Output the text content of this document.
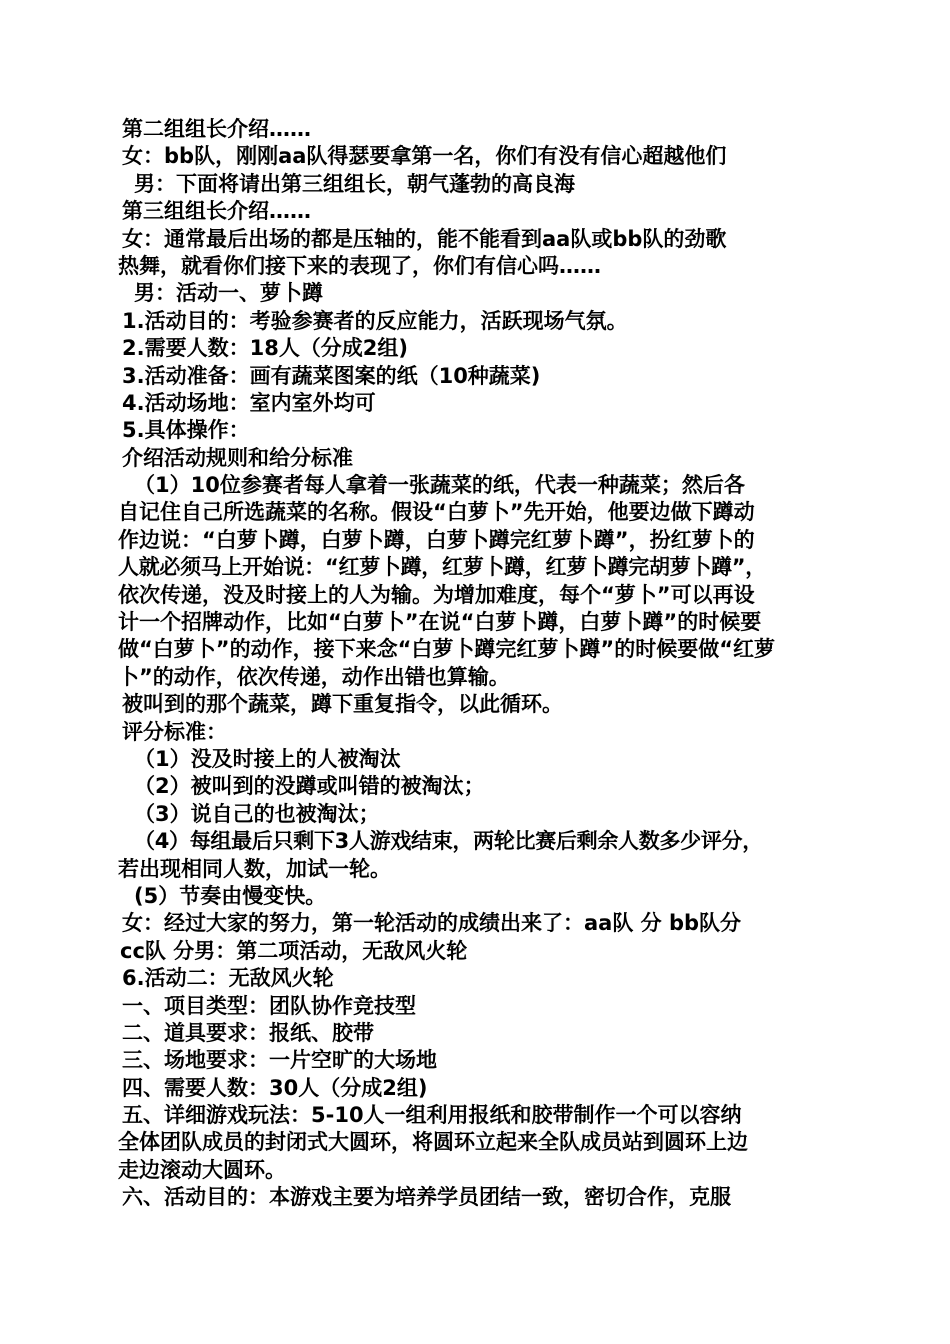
第二组组长介绍……
女：bb队，刚刚aa队得瑟要拿第一名，你们有没有信心超越他们
男：下面将请出第三组组长，朝气蓬勃的高良海
第三组组长介绍……
女：通常最后出场的都是压轴的，能不能看到aa队或bb队的劲歌
热舞，就看你们接下来的表现了，你们有信心吗……
男：活动一、萝卜蹲
1.活动目的：考验参赛者的反应能力，活跃现场气氛。
2.需要人数：18人（分成2组)
3.活动准备：画有蔬菜图案的纸（10种蔬菜)
4.活动场地：室内室外均可
5.具体操作：
介绍活动规则和给分标准
（1）10位参赛者每人拿着一张蔬菜的纸，代表一种蔬菜；然后各
自记住自己所选蔬菜的名称。假设“白萝卜”先开始，他要边做下蹲动
作边说：“白萝卜蹲，白萝卜蹲，白萝卜蹲完红萝卜蹲”，扮红萝卜的
人就必须马上开始说：“红萝卜蹲，红萝卜蹲，红萝卜蹲完胡萝卜蹲”，
依次传递，没及时接上的人为输。为增加难度，每个“萝卜”可以再设
计一个招牌动作，比如“白萝卜”在说“白萝卜蹲，白萝卜蹲”的时候要
做“白萝卜”的动作，接下来念“白萝卜蹲完红萝卜蹲”的时候要做“红萝
卜”的动作，依次传递，动作出错也算输。
被叫到的那个蔬菜，蹲下重复指令，以此循环。
评分标准：
（1）没及时接上的人被淘汰
（2）被叫到的没蹲或叫错的被淘汰；
（3）说自己的也被淘汰；
（4）每组最后只剩下3人游戏结束，两轮比赛后剩余人数多少评分，
若出现相同人数，加试一轮。
(5）节奏由慢变快。
女：经过大家的努力，第一轮活动的成绩出来了：aa队 分 bb队分
cc队 分男：第二项活动，无敌风火轮
6.活动二：无敌风火轮
一、项目类型：团队协作竞技型
二、道具要求：报纸、胶带
三、场地要求：一片空旷的大场地
四、需要人数：30人（分成2组)
五、详细游戏玩法：5-10人一组利用报纸和胶带制作一个可以容纳
全体团队成员的封闭式大圆环，将圆环立起来全队成员站到圆环上边
走边滚动大圆环。
六、活动目的：本游戏主要为培养学员团结一致，密切合作，克服
